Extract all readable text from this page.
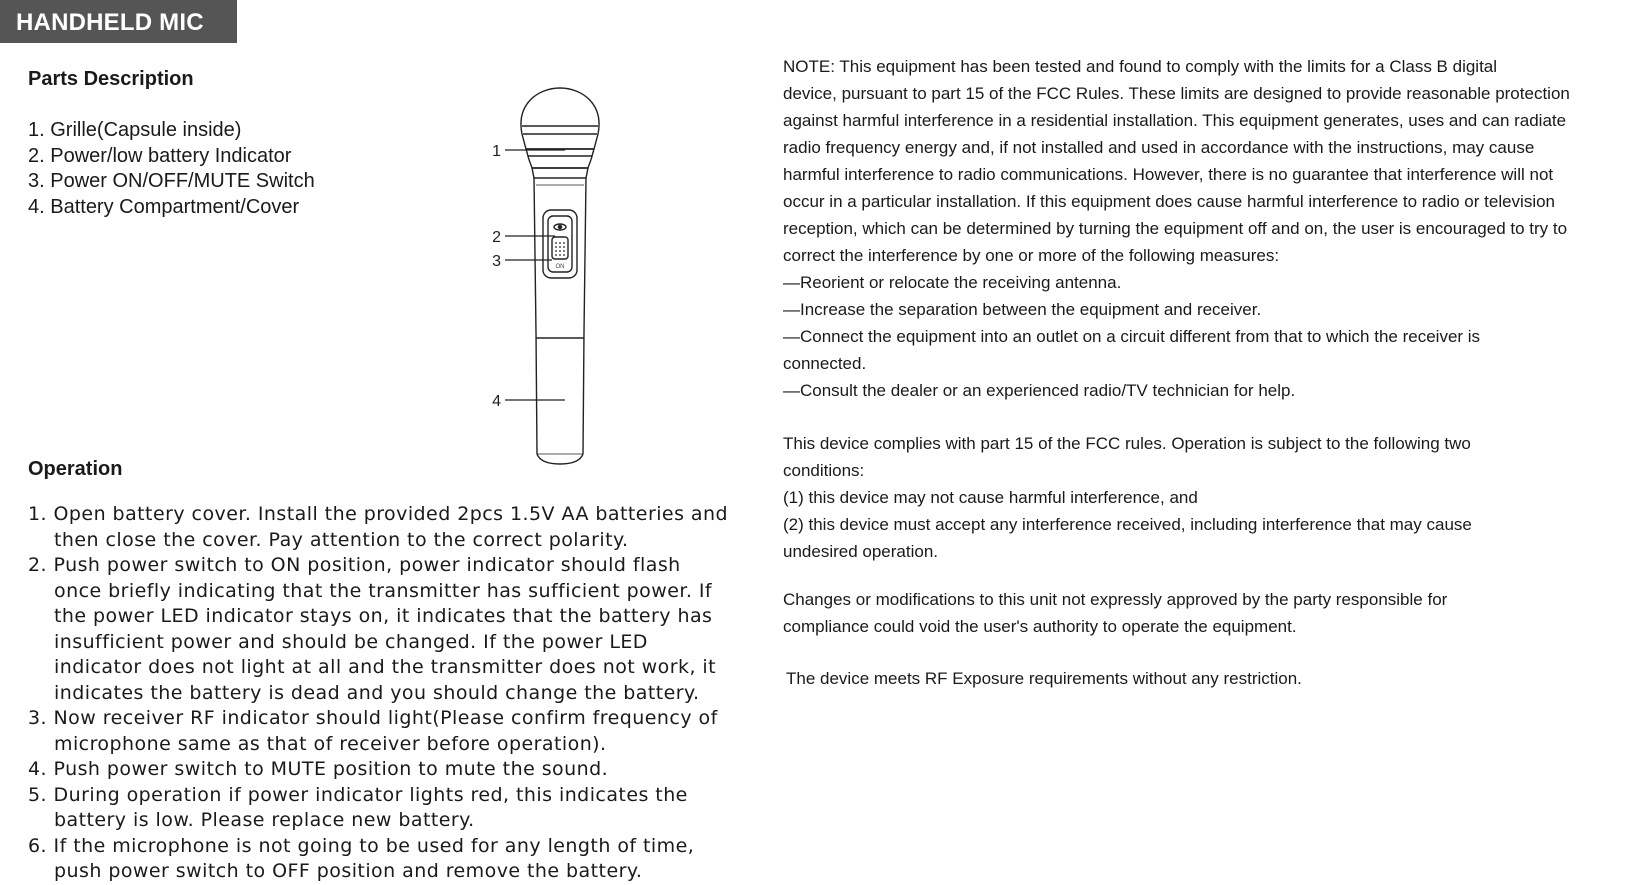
HANDHELD MIC
Parts Description
1. Grille(Capsule inside)
2. Power/low battery Indicator
3. Power ON/OFF/MUTE Switch
4. Battery Compartment/Cover
ON
1
2
3
4
Operation
1. Open battery cover. Install the provided 2pcs 1.5V AA batteries and
then close the cover. Pay attention to the correct polarity.
2. Push power switch to ON position, power indicator should flash
once briefly indicating that the transmitter has sufficient power. If
the power LED indicator stays on, it indicates that the battery has
insufficient power and should be changed. If the power LED
indicator does not light at all and the transmitter does not work, it
indicates the battery is dead and you should change the battery.
3. Now receiver RF indicator should light(Please confirm frequency of
microphone same as that of receiver before operation).
4. Push power switch to MUTE position to mute the sound.
5. During operation if power indicator lights red, this indicates the
battery is low. Please replace new battery.
6. If the microphone is not going to be used for any length of time,
push power switch to OFF position and remove the battery.

NOTE: This equipment has been tested and found to comply with the limits for a Class B digital

device, pursuant to part 15 of the FCC Rules. These limits are designed to provide reasonable protection

against harmful interference in a residential installation. This equipment generates, uses and can radiate

radio frequency energy and, if not installed and used in accordance with the instructions, may cause

harmful interference to radio communications. However, there is no guarantee that interference will not

occur in a particular installation. If this equipment does cause harmful interference to radio or television

reception, which can be determined by turning the equipment off and on, the user is encouraged to try to

correct the interference by one or more of the following measures:

—Reorient or relocate the receiving antenna.

—Increase the separation between the equipment and receiver.

—Connect the equipment into an outlet on a circuit different from that to which the receiver is

connected.

—Consult the dealer or an experienced radio/TV technician for help.

This device complies with part 15 of the FCC rules. Operation is subject to the following two

conditions:

(1) this device may not cause harmful interference, and

(2) this device must accept any interference received, including interference that may cause

undesired operation.

Changes or modifications to this unit not expressly approved by the party responsible for

compliance could void the user's authority to operate the equipment.

The device meets RF Exposure requirements without any restriction.
